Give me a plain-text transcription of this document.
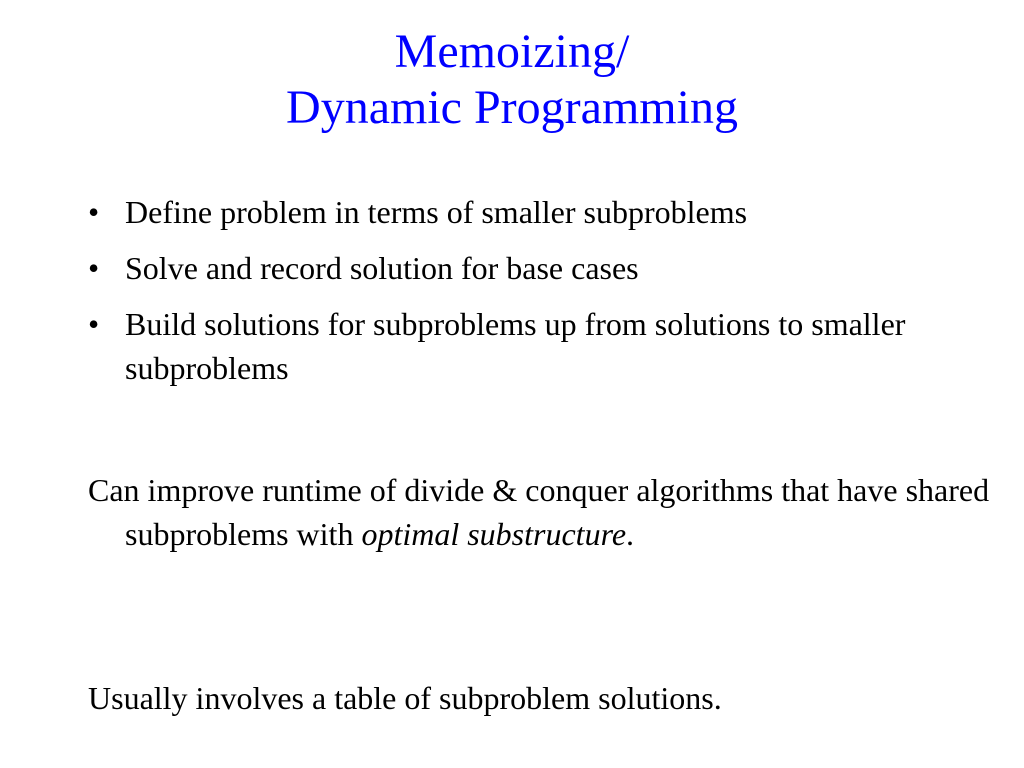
Memoizing/
Dynamic Programming
• Define problem in terms of smaller subproblems
• Solve and record solution for base cases
• Build solutions for subproblems up from solutions to smaller subproblems

Can improve runtime of divide & conquer algorithms that have shared subproblems with optimal substructure.

Usually involves a table of subproblem solutions.
